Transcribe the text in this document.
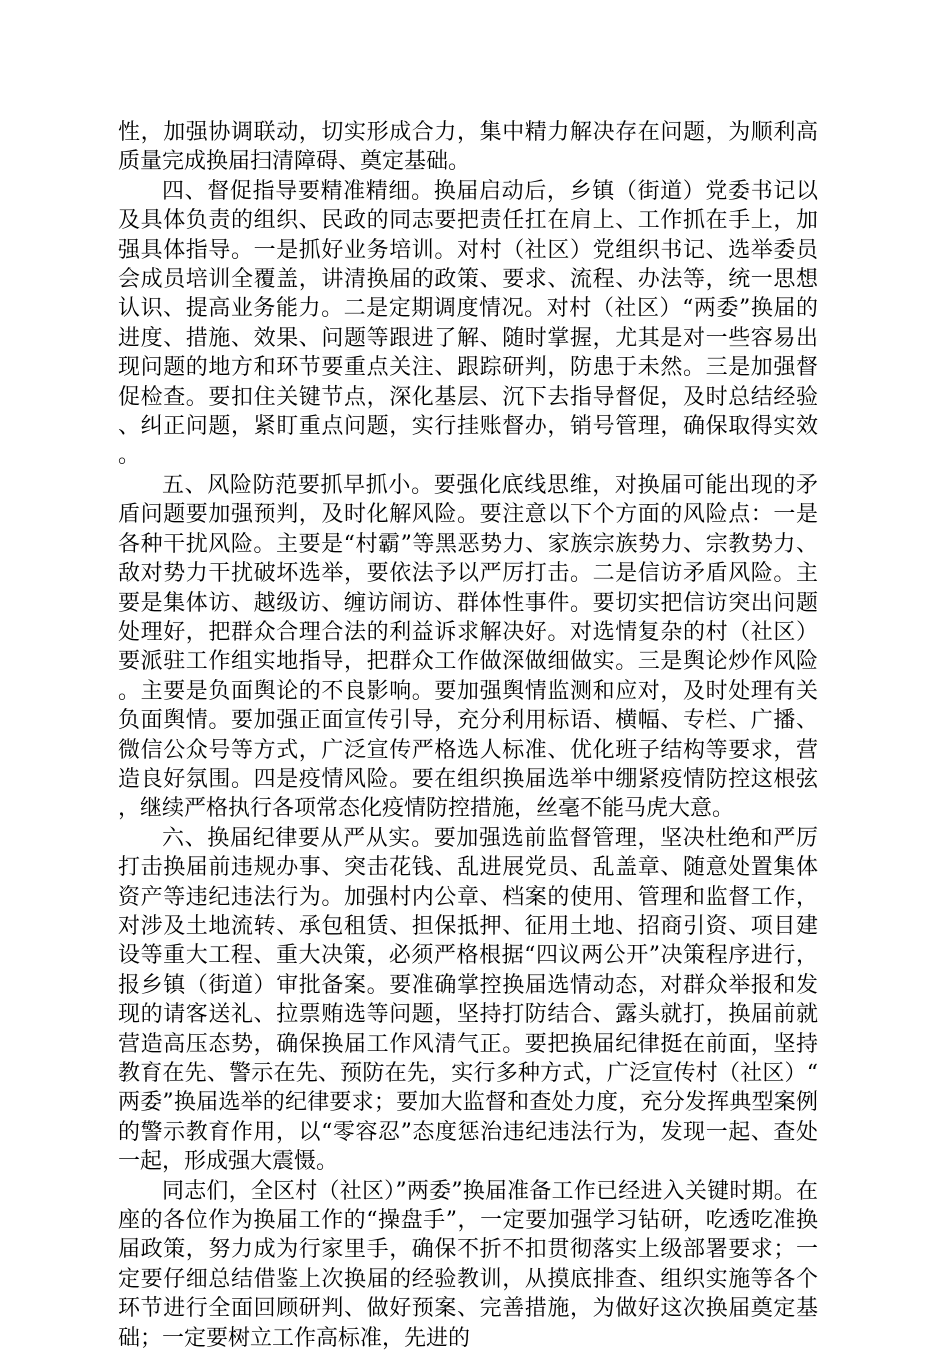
性，加强协调联动，切实形成合力，集中精力解决存在问题，为顺利高质量完成换届扫清障碍、奠定基础。

四、督促指导要精准精细。换届启动后，乡镇（街道）党委书记以及具体负责的组织、民政的同志要把责任扛在肩上、工作抓在手上，加强具体指导。一是抓好业务培训。对村（社区）党组织书记、选举委员会成员培训全覆盖，讲清换届的政策、要求、流程、办法等，统一思想认识、提高业务能力。二是定期调度情况。对村（社区）“两委”换届的进度、措施、效果、问题等跟进了解、随时掌握，尤其是对一些容易出现问题的地方和环节要重点关注、跟踪研判，防患于未然。三是加强督促检查。要扣住关键节点，深化基层、沉下去指导督促，及时总结经验、纠正问题，紧盯重点问题，实行挂账督办，销号管理，确保取得实效。

五、风险防范要抓早抓小。要强化底线思维，对换届可能出现的矛盾问题要加强预判，及时化解风险。要注意以下个方面的风险点：一是各种干扰风险。主要是“村霸”等黑恶势力、家族宗族势力、宗教势力、敌对势力干扰破坏选举，要依法予以严厉打击。二是信访矛盾风险。主要是集体访、越级访、缠访闹访、群体性事件。要切实把信访突出问题处理好，把群众合理合法的利益诉求解决好。对选情复杂的村（社区）要派驻工作组实地指导，把群众工作做深做细做实。三是舆论炒作风险。主要是负面舆论的不良影响。要加强舆情监测和应对，及时处理有关负面舆情。要加强正面宣传引导，充分利用标语、横幅、专栏、广播、微信公众号等方式，广泛宣传严格选人标准、优化班子结构等要求，营造良好氛围。四是疫情风险。要在组织换届选举中绷紧疫情防控这根弦，继续严格执行各项常态化疫情防控措施，丝毫不能马虎大意。

六、换届纪律要从严从实。要加强选前监督管理，坚决杜绝和严厉打击换届前违规办事、突击花钱、乱进展党员、乱盖章、随意处置集体资产等违纪违法行为。加强村内公章、档案的使用、管理和监督工作，对涉及土地流转、承包租赁、担保抵押、征用土地、招商引资、项目建设等重大工程、重大决策，必须严格根据“四议两公开”决策程序进行，报乡镇（街道）审批备案。要准确掌控换届选情动态，对群众举报和发现的请客送礼、拉票贿选等问题，坚持打防结合、露头就打，换届前就营造高压态势，确保换届工作风清气正。要把换届纪律挺在前面，坚持教育在先、警示在先、预防在先，实行多种方式，广泛宣传村（社区）“两委”换届选举的纪律要求；要加大监督和查处力度，充分发挥典型案例的警示教育作用，以“零容忍”态度惩治违纪违法行为，发现一起、查处一起，形成强大震慑。

同志们，全区村（社区）”两委”换届准备工作已经进入关键时期。在座的各位作为换届工作的“操盘手”，一定要加强学习钻研，吃透吃准换届政策，努力成为行家里手，确保不折不扣贯彻落实上级部署要求；一定要仔细总结借鉴上次换届的经验教训，从摸底排查、组织实施等各个环节进行全面回顾研判、做好预案、完善措施，为做好这次换届奠定基础；一定要树立工作高标准，先进的
